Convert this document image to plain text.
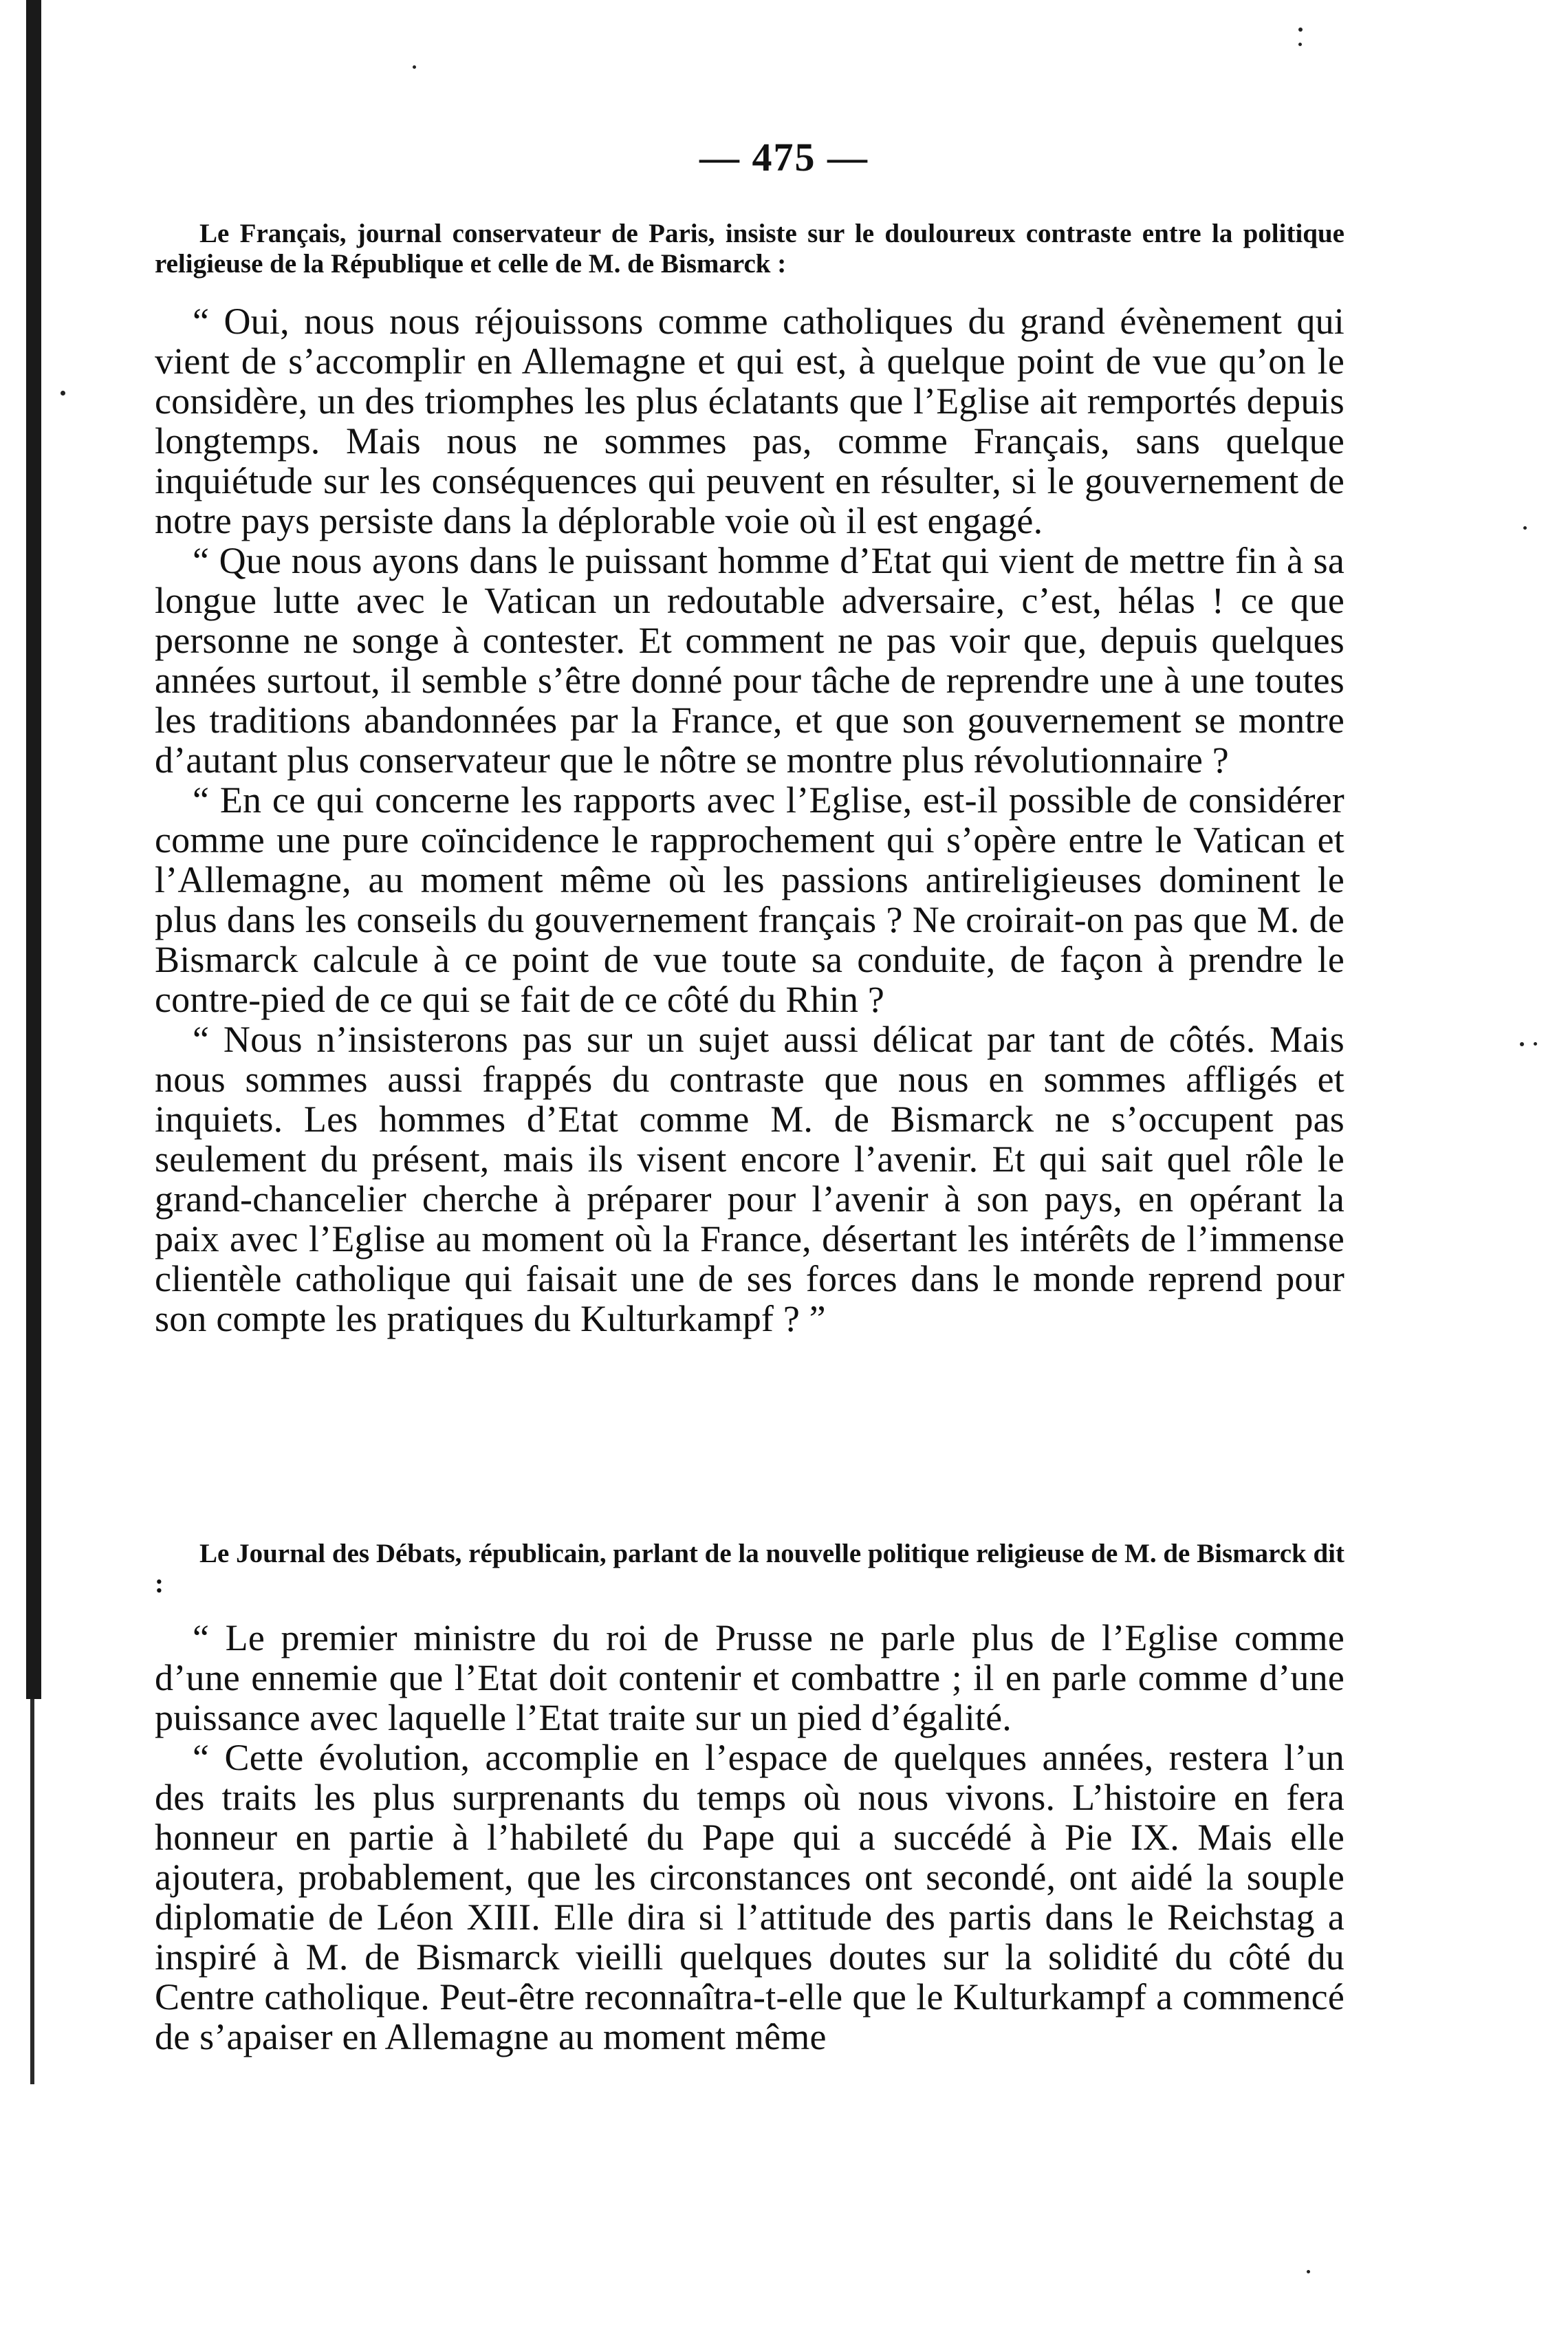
— 475 —

Le Français, journal conservateur de Paris, insiste sur le douloureux contraste entre la politique religieuse de la République et celle de M. de Bismarck :

“ Oui, nous nous réjouissons comme catholiques du grand évènement qui vient de s’accomplir en Allemagne et qui est, à quelque point de vue qu’on le considère, un des triomphes les plus éclatants que l’Eglise ait remportés depuis longtemps. Mais nous ne sommes pas, comme Français, sans quelque inquiétude sur les conséquences qui peuvent en résulter, si le gouvernement de notre pays persiste dans la déplorable voie où il est engagé.

“ Que nous ayons dans le puissant homme d’Etat qui vient de mettre fin à sa longue lutte avec le Vatican un redoutable adversaire, c’est, hélas ! ce que personne ne songe à contester. Et comment ne pas voir que, depuis quelques années surtout, il semble s’être donné pour tâche de reprendre une à une toutes les traditions abandonnées par la France, et que son gouvernement se montre d’autant plus conservateur que le nôtre se montre plus révolutionnaire ?

“ En ce qui concerne les rapports avec l’Eglise, est-il possible de considérer comme une pure coïncidence le rapprochement qui s’opère entre le Vatican et l’Allemagne, au moment même où les passions antireligieuses dominent le plus dans les conseils du gouvernement français ? Ne croirait-on pas que M. de Bismarck calcule à ce point de vue toute sa conduite, de façon à prendre le contre-pied de ce qui se fait de ce côté du Rhin ?

“ Nous n’insisterons pas sur un sujet aussi délicat par tant de côtés. Mais nous sommes aussi frappés du contraste que nous en sommes affligés et inquiets. Les hommes d’Etat comme M. de Bismarck ne s’occupent pas seulement du présent, mais ils visent encore l’avenir. Et qui sait quel rôle le grand-chancelier cherche à préparer pour l’avenir à son pays, en opérant la paix avec l’Eglise au moment où la France, désertant les intérêts de l’immense clientèle catholique qui faisait une de ses forces dans le monde reprend pour son compte les pratiques du Kulturkampf ? ”

Le Journal des Débats, républicain, parlant de la nouvelle politique religieuse de M. de Bismarck dit :

“ Le premier ministre du roi de Prusse ne parle plus de l’Eglise comme d’une ennemie que l’Etat doit contenir et combattre ; il en parle comme d’une puissance avec laquelle l’Etat traite sur un pied d’égalité.

“ Cette évolution, accomplie en l’espace de quelques années, restera l’un des traits les plus surprenants du temps où nous vivons. L’histoire en fera honneur en partie à l’habileté du Pape qui a succédé à Pie IX. Mais elle ajoutera, probablement, que les circonstances ont secondé, ont aidé la souple diplomatie de Léon XIII. Elle dira si l’attitude des partis dans le Reichstag a inspiré à M. de Bismarck vieilli quelques doutes sur la solidité du côté du Centre catholique. Peut-être reconnaîtra-t-elle que le Kulturkampf a commencé de s’apaiser en Allemagne au moment même
